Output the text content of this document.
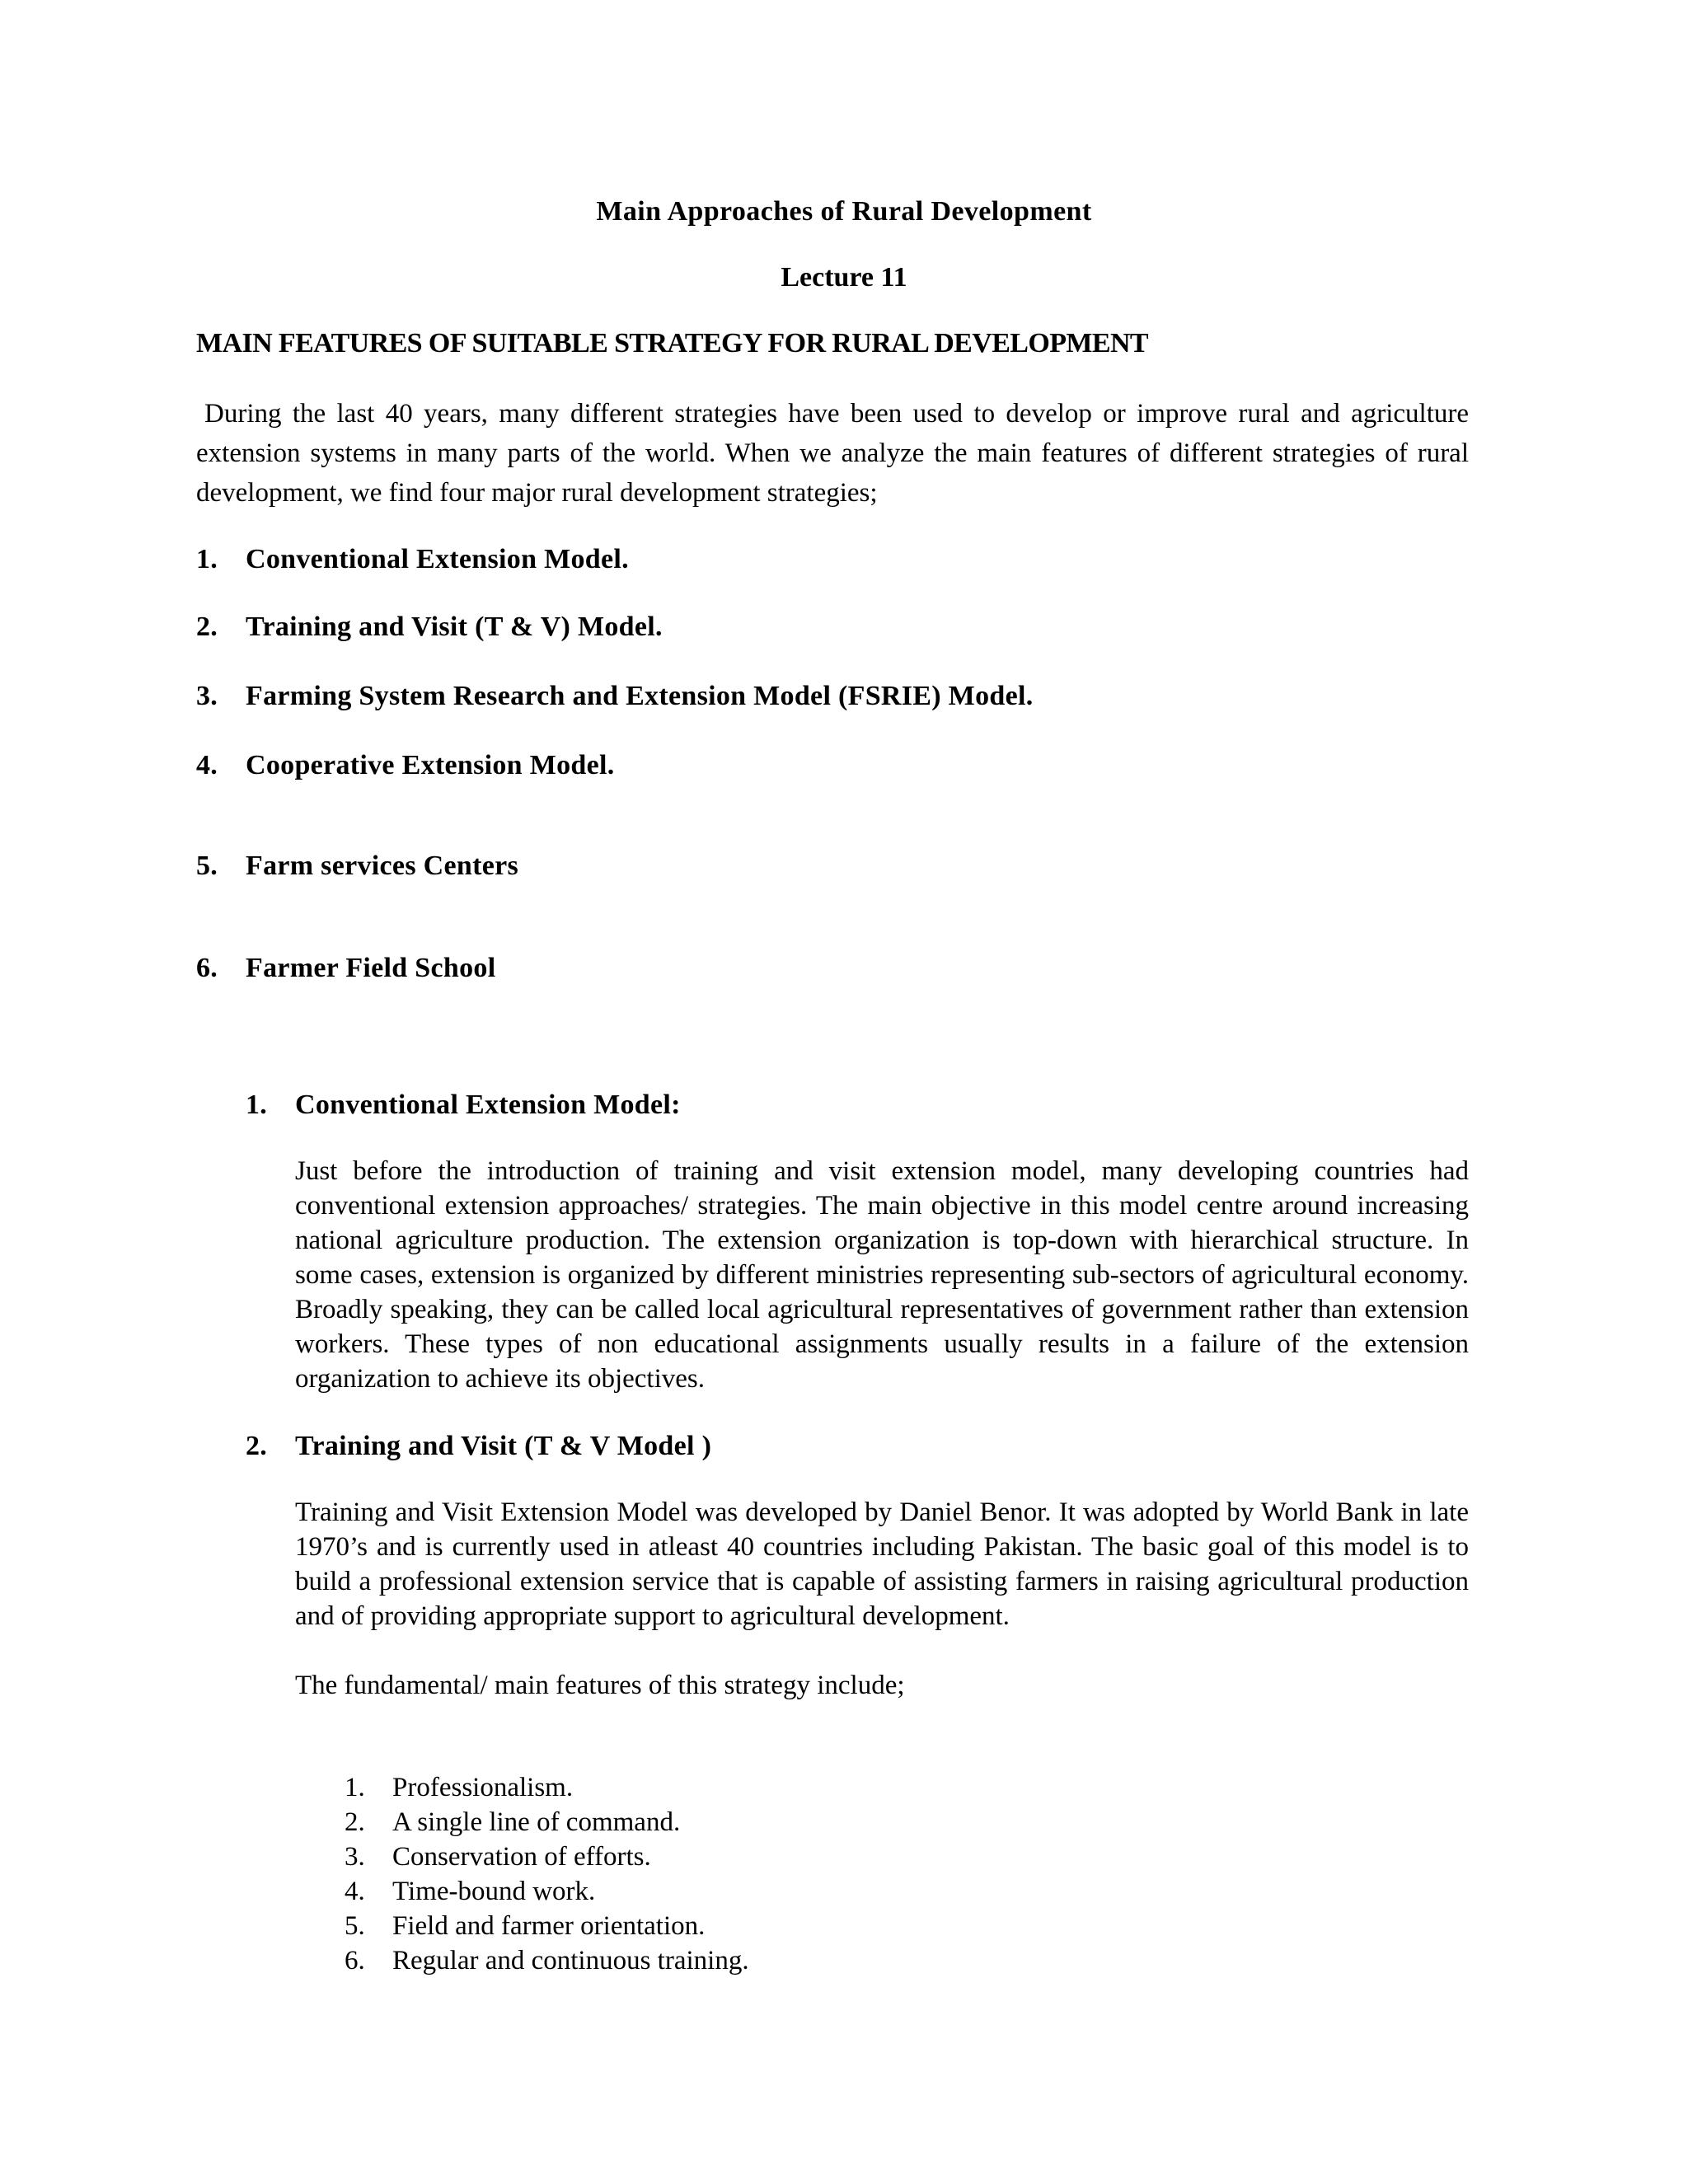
Main Approaches of Rural Development
Lecture 11
MAIN FEATURES OF SUITABLE STRATEGY FOR RURAL DEVELOPMENT

During the last 40 years, many different strategies have been used to develop or improve rural and agriculture extension systems in many parts of the world. When we analyze the main features of different strategies of rural development, we find four major rural development strategies;

1. Conventional Extension Model.
2. Training and Visit (T & V) Model.
3. Farming System Research and Extension Model (FSRIE) Model.
4. Cooperative Extension Model.
5. Farm services Centers
6. Farmer Field School
1. Conventional Extension Model:

Just before the introduction of training and visit extension model, many developing countries had conventional extension approaches/ strategies. The main objective in this model centre around increasing national agriculture production. The extension organization is top-down with hierarchical structure. In some cases, extension is organized by different ministries representing sub-sectors of agricultural economy. Broadly speaking, they can be called local agricultural representatives of government rather than extension workers. These types of non educational assignments usually results in a failure of the extension organization to achieve its objectives.

2. Training and Visit (T & V Model )

Training and Visit Extension Model was developed by Daniel Benor. It was adopted by World Bank in late 1970’s and is currently used in atleast 40 countries including Pakistan. The basic goal of this model is to build a professional extension service that is capable of assisting farmers in raising agricultural production and of providing appropriate support to agricultural development.

The fundamental/ main features of this strategy include;
1. Professionalism.
2. A single line of command.
3. Conservation of efforts.
4. Time-bound work.
5. Field and farmer orientation.
6. Regular and continuous training.
